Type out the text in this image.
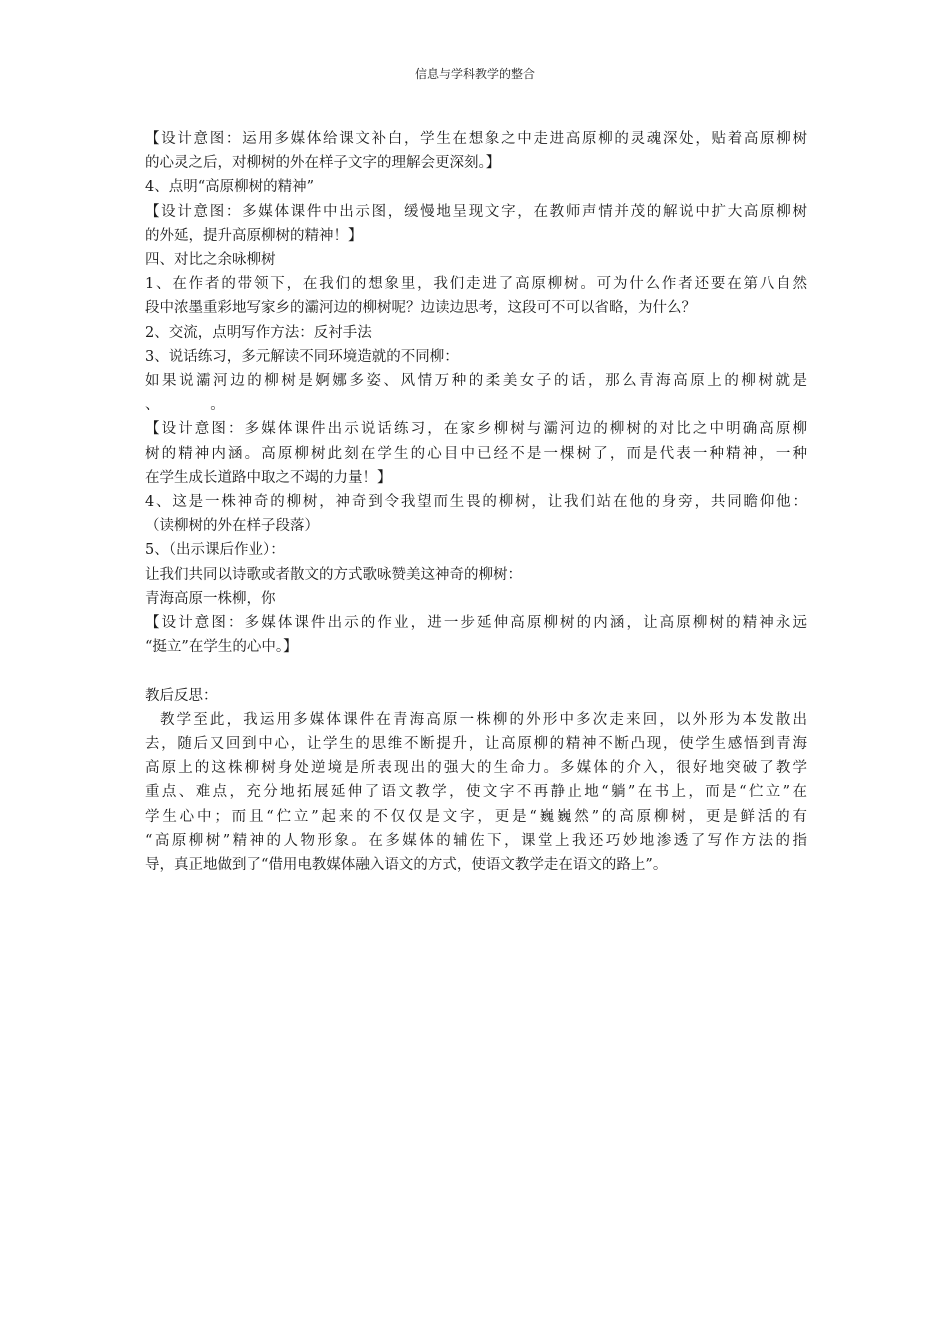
信息与学科教学的整合
【设计意图：运用多媒体给课文补白，学生在想象之中走进高原柳的灵魂深处，贴着高原柳树
的心灵之后，对柳树的外在样子文字的理解会更深刻。】
4、点明“高原柳树的精神”
【设计意图：多媒体课件中出示图，缓慢地呈现文字，在教师声情并茂的解说中扩大高原柳树
的外延，提升高原柳树的精神！】
四、对比之余咏柳树
1、在作者的带领下，在我们的想象里，我们走进了高原柳树。可为什么作者还要在第八自然
段中浓墨重彩地写家乡的灞河边的柳树呢？边读边思考，这段可不可以省略，为什么？
2、交流，点明写作方法：反衬手法
3、说话练习，多元解读不同环境造就的不同柳：
如果说灞河边的柳树是婀娜多姿、风情万种的柔美女子的话，那么青海高原上的柳树就是
、　　　　。
【设计意图：多媒体课件出示说话练习，在家乡柳树与灞河边的柳树的对比之中明确高原柳
树的精神内涵。高原柳树此刻在学生的心目中已经不是一棵树了，而是代表一种精神，一种
在学生成长道路中取之不竭的力量！】
4、这是一株神奇的柳树，神奇到令我望而生畏的柳树，让我们站在他的身旁，共同瞻仰他：
（读柳树的外在样子段落）
5、（出示课后作业）：
让我们共同以诗歌或者散文的方式歌咏赞美这神奇的柳树：
青海高原一株柳，你
【设计意图：多媒体课件出示的作业，进一步延伸高原柳树的内涵，让高原柳树的精神永远
“挺立”在学生的心中。】
教后反思：
教学至此，我运用多媒体课件在青海高原一株柳的外形中多次走来回，以外形为本发散出
去，随后又回到中心，让学生的思维不断提升，让高原柳的精神不断凸现，使学生感悟到青海
高原上的这株柳树身处逆境是所表现出的强大的生命力。多媒体的介入，很好地突破了教学
重点、难点，充分地拓展延伸了语文教学，使文字不再静止地“躺”在书上，而是“伫立”在
学生心中；而且“伫立”起来的不仅仅是文字，更是“巍巍然”的高原柳树，更是鲜活的有
“高原柳树”精神的人物形象。在多媒体的辅佐下，课堂上我还巧妙地渗透了写作方法的指
导，真正地做到了“借用电教媒体融入语文的方式，使语文教学走在语文的路上”。
